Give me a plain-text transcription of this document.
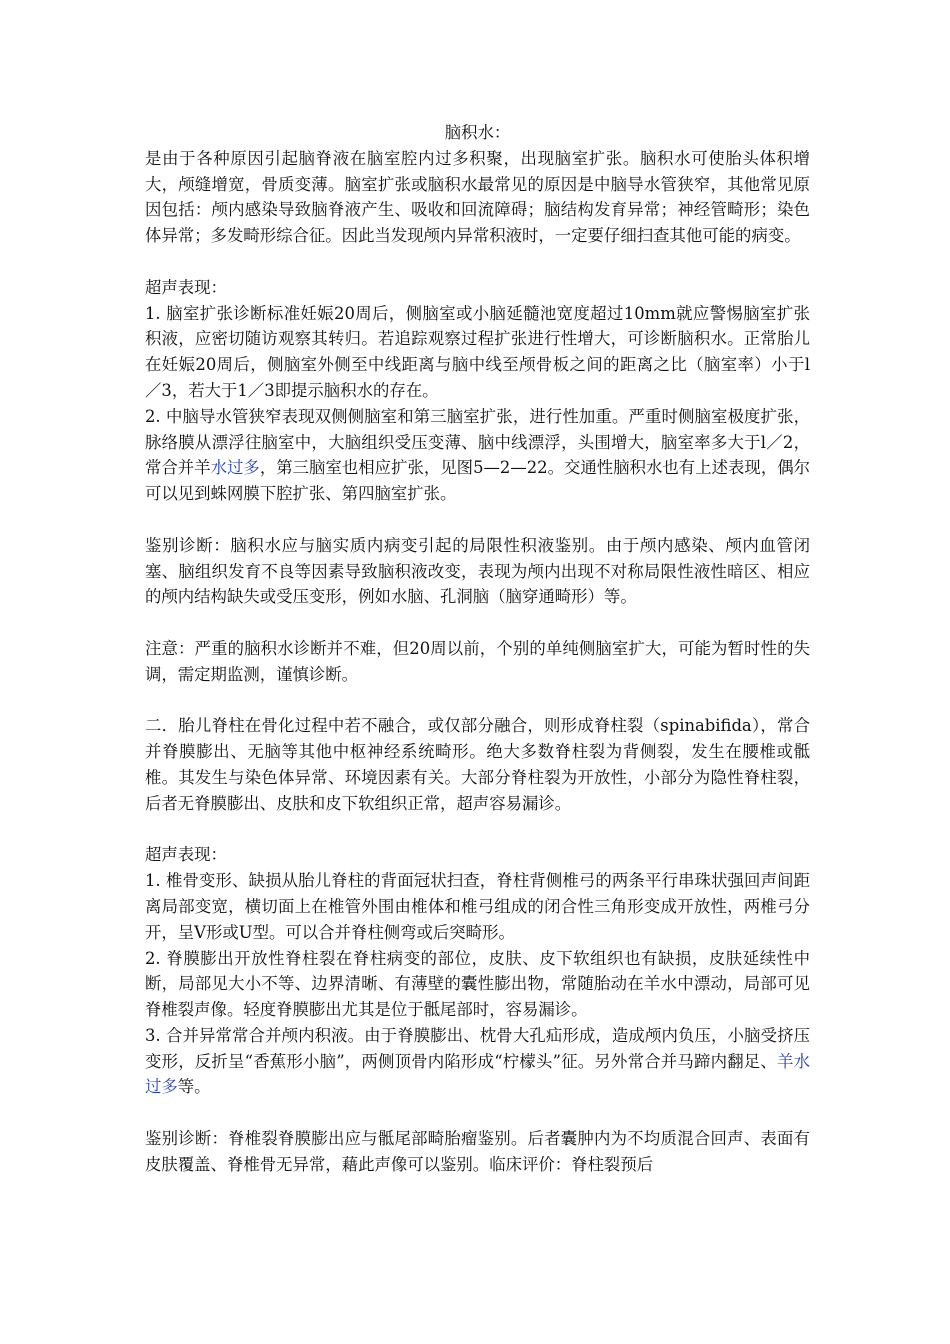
脑积水：

是由于各种原因引起脑脊液在脑室腔内过多积聚，出现脑室扩张。脑积水可使胎头体积增大，颅缝增宽，骨质变薄。脑室扩张或脑积水最常见的原因是中脑导水管狭窄，其他常见原因包括：颅内感染导致脑脊液产生、吸收和回流障碍；脑结构发育异常；神经管畸形；染色体异常；多发畸形综合征。因此当发现颅内异常积液时，一定要仔细扫查其他可能的病变。

超声表现：

1. 脑室扩张诊断标准妊娠20周后，侧脑室或小脑延髓池宽度超过10mm就应警惕脑室扩张积液，应密切随访观察其转归。若追踪观察过程扩张进行性增大，可诊断脑积水。正常胎儿在妊娠20周后，侧脑室外侧至中线距离与脑中线至颅骨板之间的距离之比（脑室率）小于l／3，若大于1／3即提示脑积水的存在。

2. 中脑导水管狭窄表现双侧侧脑室和第三脑室扩张，进行性加重。严重时侧脑室极度扩张，脉络膜从漂浮往脑室中，大脑组织受压变薄、脑中线漂浮，头围增大，脑室率多大于l／2，常合并羊水过多，第三脑室也相应扩张，见图5—2—22。交通性脑积水也有上述表现，偶尔可以见到蛛网膜下腔扩张、第四脑室扩张。

鉴别诊断：脑积水应与脑实质内病变引起的局限性积液鉴别。由于颅内感染、颅内血管闭塞、脑组织发育不良等因素导致脑积液改变，表现为颅内出现不对称局限性液性暗区、相应的颅内结构缺失或受压变形，例如水脑、孔洞脑（脑穿通畸形）等。

注意：严重的脑积水诊断并不难，但20周以前，个别的单纯侧脑室扩大，可能为暂时性的失调，需定期监测，谨慎诊断。

二．胎儿脊柱在骨化过程中若不融合，或仅部分融合，则形成脊柱裂（spinabifida），常合并脊膜膨出、无脑等其他中枢神经系统畸形。绝大多数脊柱裂为背侧裂，发生在腰椎或骶椎。其发生与染色体异常、环境因素有关。大部分脊柱裂为开放性，小部分为隐性脊柱裂，后者无脊膜膨出、皮肤和皮下软组织正常，超声容易漏诊。

超声表现：

1. 椎骨变形、缺损从胎儿脊柱的背面冠状扫查，脊柱背侧椎弓的两条平行串珠状强回声间距离局部变宽，横切面上在椎管外围由椎体和椎弓组成的闭合性三角形变成开放性，两椎弓分开，呈V形或U型。可以合并脊柱侧弯或后突畸形。

2. 脊膜膨出开放性脊柱裂在脊柱病变的部位，皮肤、皮下软组织也有缺损，皮肤延续性中断，局部见大小不等、边界清晰、有薄壁的囊性膨出物，常随胎动在羊水中漂动，局部可见脊椎裂声像。轻度脊膜膨出尤其是位于骶尾部时，容易漏诊。

3. 合并异常常合并颅内积液。由于脊膜膨出、枕骨大孔疝形成，造成颅内负压，小脑受挤压变形，反折呈“香蕉形小脑”，两侧顶骨内陷形成“柠檬头”征。另外常合并马蹄内翻足、羊水过多等。

鉴别诊断：脊椎裂脊膜膨出应与骶尾部畸胎瘤鉴别。后者囊肿内为不均质混合回声、表面有皮肤覆盖、脊椎骨无异常，藉此声像可以鉴别。临床评价：脊柱裂预后
